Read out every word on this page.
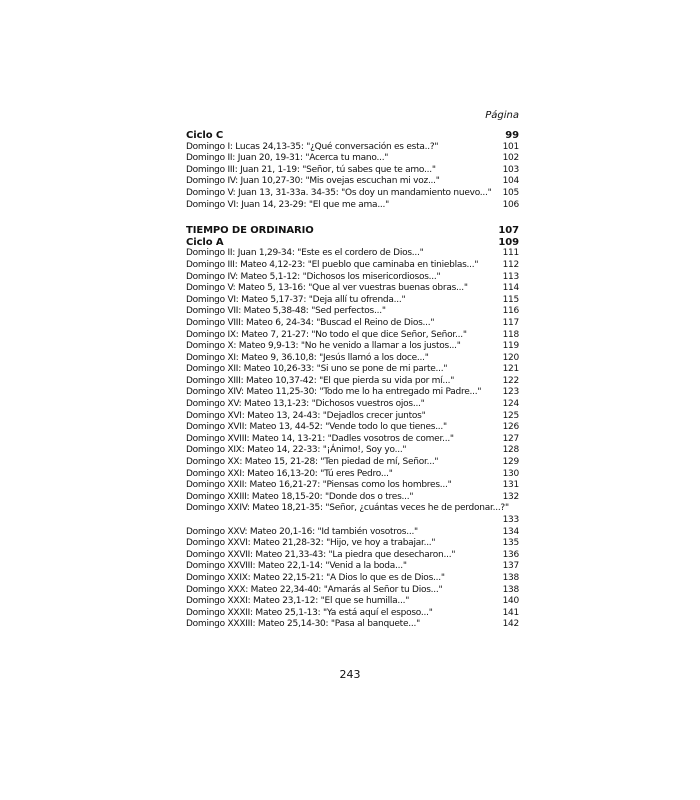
Página
Ciclo C	99
Domingo I: Lucas 24,13-35: "¿Qué conversación es esta..?"	101
Domingo II: Juan 20, 19-31: "Acerca tu mano..."	102
Domingo III: Juan 21, 1-19: "Señor, tú sabes que te amo..."	103
Domingo IV: Juan 10,27-30: "Mis ovejas escuchan mi voz..."	104
Domingo V: Juan 13, 31-33a. 34-35: "Os doy un mandamiento nuevo..."	105
Domingo VI: Juan 14, 23-29: "El que me ama..."	106
TIEMPO DE ORDINARIO	107
Ciclo A	109
Domingo II: Juan 1,29-34: "Este es el cordero de Dios..."	111
Domingo III: Mateo 4,12-23: "El pueblo que caminaba en tinieblas..."	112
Domingo IV: Mateo 5,1-12: "Dichosos los misericordiosos..."	113
Domingo V: Mateo 5, 13-16: "Que al ver vuestras buenas obras..."	114
Domingo VI: Mateo 5,17-37: "Deja allí tu ofrenda..."	115
Domingo VII: Mateo 5,38-48: "Sed perfectos..."	116
Domingo VIII: Mateo 6, 24-34: "Buscad el Reino de Dios..."	117
Domingo IX: Mateo 7, 21-27: "No todo el que dice Señor, Señor..."	118
Domingo X: Mateo 9,9-13: "No he venido a llamar a los justos..."	119
Domingo XI: Mateo 9, 36.10,8: "Jesús llamó a los doce..."	120
Domingo XII: Mateo 10,26-33: "Si uno se pone de mi parte..."	121
Domingo XIII: Mateo 10,37-42: "El que pierda su vida por mí..."	122
Domingo XIV: Mateo 11,25-30: "Todo me lo ha entregado mi Padre..."	123
Domingo XV: Mateo 13,1-23: "Dichosos vuestros ojos..."	124
Domingo XVI: Mateo 13, 24-43: "Dejadlos crecer juntos"	125
Domingo XVII: Mateo 13, 44-52: "Vende todo lo que tienes..."	126
Domingo XVIII: Mateo 14, 13-21: "Dadles vosotros de comer..."	127
Domingo XIX: Mateo 14, 22-33: "¡Ánimo!, Soy yo..."	128
Domingo XX: Mateo 15, 21-28: "Ten piedad de mí, Señor..."	129
Domingo XXI: Mateo 16,13-20: "Tú eres Pedro..."	130
Domingo XXII: Mateo 16,21-27: "Piensas como los hombres..."	131
Domingo XXIII: Mateo 18,15-20: "Donde dos o tres..."	132
Domingo XXIV: Mateo 18,21-35: "Señor, ¿cuántas veces he de perdonar...?"
133
Domingo XXV: Mateo 20,1-16: "Id también vosotros..."	134
Domingo XXVI: Mateo 21,28-32: "Hijo, ve hoy a trabajar..."	135
Domingo XXVII: Mateo 21,33-43: "La piedra que desecharon..."	136
Domingo XXVIII: Mateo 22,1-14: "Venid a la boda..."	137
Domingo XXIX: Mateo 22,15-21: "A Dios lo que es de Dios..."	138
Domingo XXX: Mateo 22,34-40: "Amarás al Señor tu Dios..."	138
Domingo XXXI: Mateo 23,1-12: "El que se humilla..."	140
Domingo XXXII: Mateo 25,1-13: "Ya está aquí el esposo..."	141
Domingo XXXIII: Mateo 25,14-30: "Pasa al banquete..."	142
243
